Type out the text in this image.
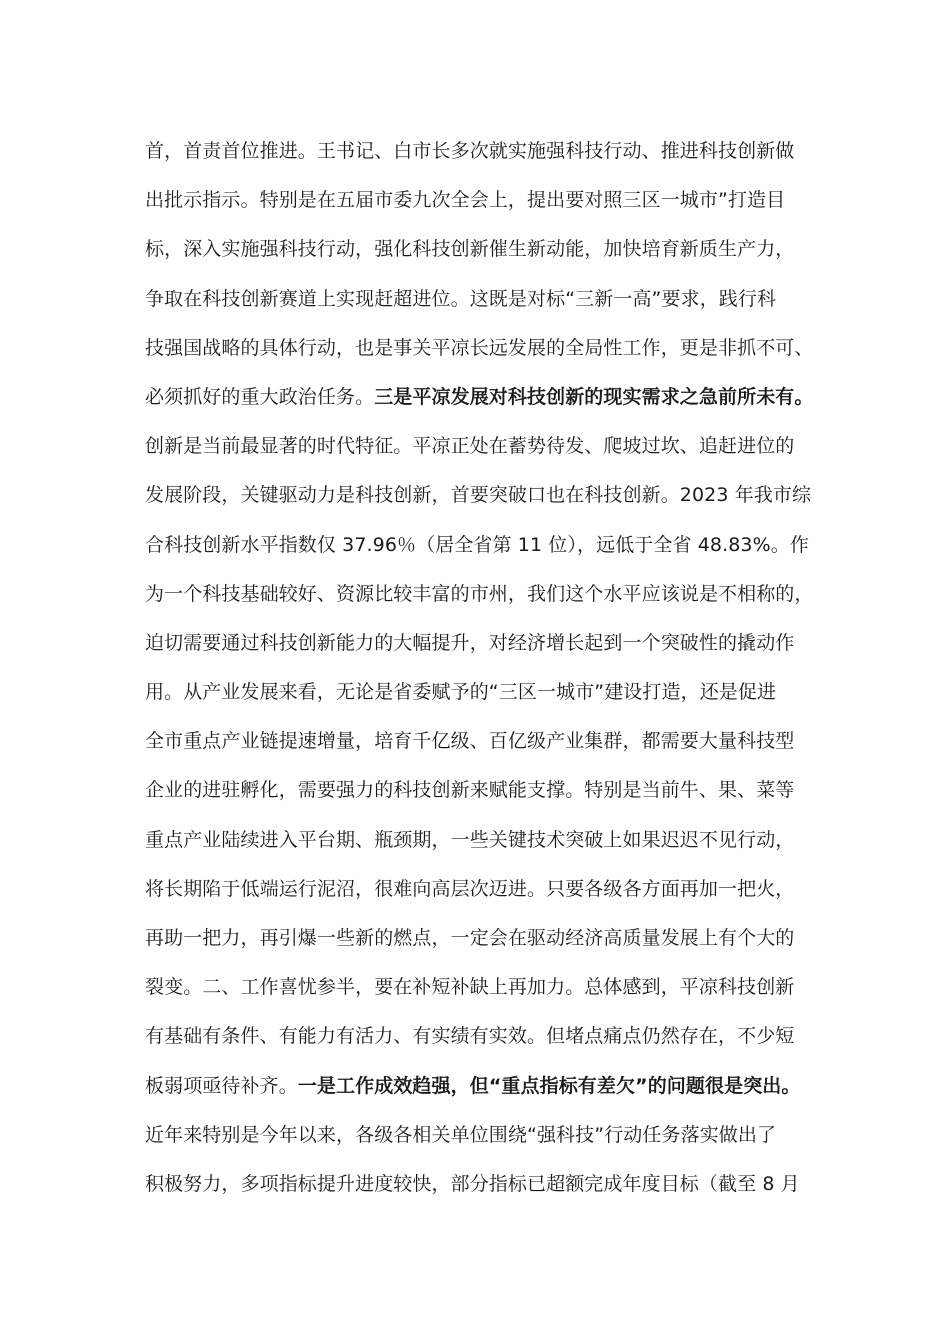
首，首责首位推进。王书记、白市长多次就实施强科技行动、推进科技创新做
出批示指示。特别是在五届市委九次全会上，提出要对照三区一城市”打造目
标，深入实施强科技行动，强化科技创新催生新动能，加快培育新质生产力，
争取在科技创新赛道上实现赶超进位。这既是对标“三新一高”要求，践行科
技强国战略的具体行动，也是事关平凉长远发展的全局性工作，更是非抓不可、
必须抓好的重大政治任务。三是平凉发展对科技创新的现实需求之急前所未有。
创新是当前最显著的时代特征。平凉正处在蓄势待发、爬坡过坎、追赶进位的
发展阶段，关键驱动力是科技创新，首要突破口也在科技创新。2023 年我市综
合科技创新水平指数仅 37.96％（居全省第 11 位），远低于全省 48.83%。作
为一个科技基础较好、资源比较丰富的市州，我们这个水平应该说是不相称的，
迫切需要通过科技创新能力的大幅提升，对经济增长起到一个突破性的撬动作
用。从产业发展来看，无论是省委赋予的“三区一城市”建设打造，还是促进
全市重点产业链提速增量，培育千亿级、百亿级产业集群，都需要大量科技型
企业的进驻孵化，需要强力的科技创新来赋能支撑。特别是当前牛、果、菜等
重点产业陆续进入平台期、瓶颈期，一些关键技术突破上如果迟迟不见行动，
将长期陷于低端运行泥沼，很难向高层次迈进。只要各级各方面再加一把火，
再助一把力，再引爆一些新的燃点，一定会在驱动经济高质量发展上有个大的
裂变。二、工作喜忧参半，要在补短补缺上再加力。总体感到，平凉科技创新
有基础有条件、有能力有活力、有实绩有实效。但堵点痛点仍然存在，不少短
板弱项亟待补齐。一是工作成效趋强，但“重点指标有差欠”的问题很是突出。
近年来特别是今年以来，各级各相关单位围绕“强科技”行动任务落实做出了
积极努力，多项指标提升进度较快，部分指标已超额完成年度目标（截至 8 月
